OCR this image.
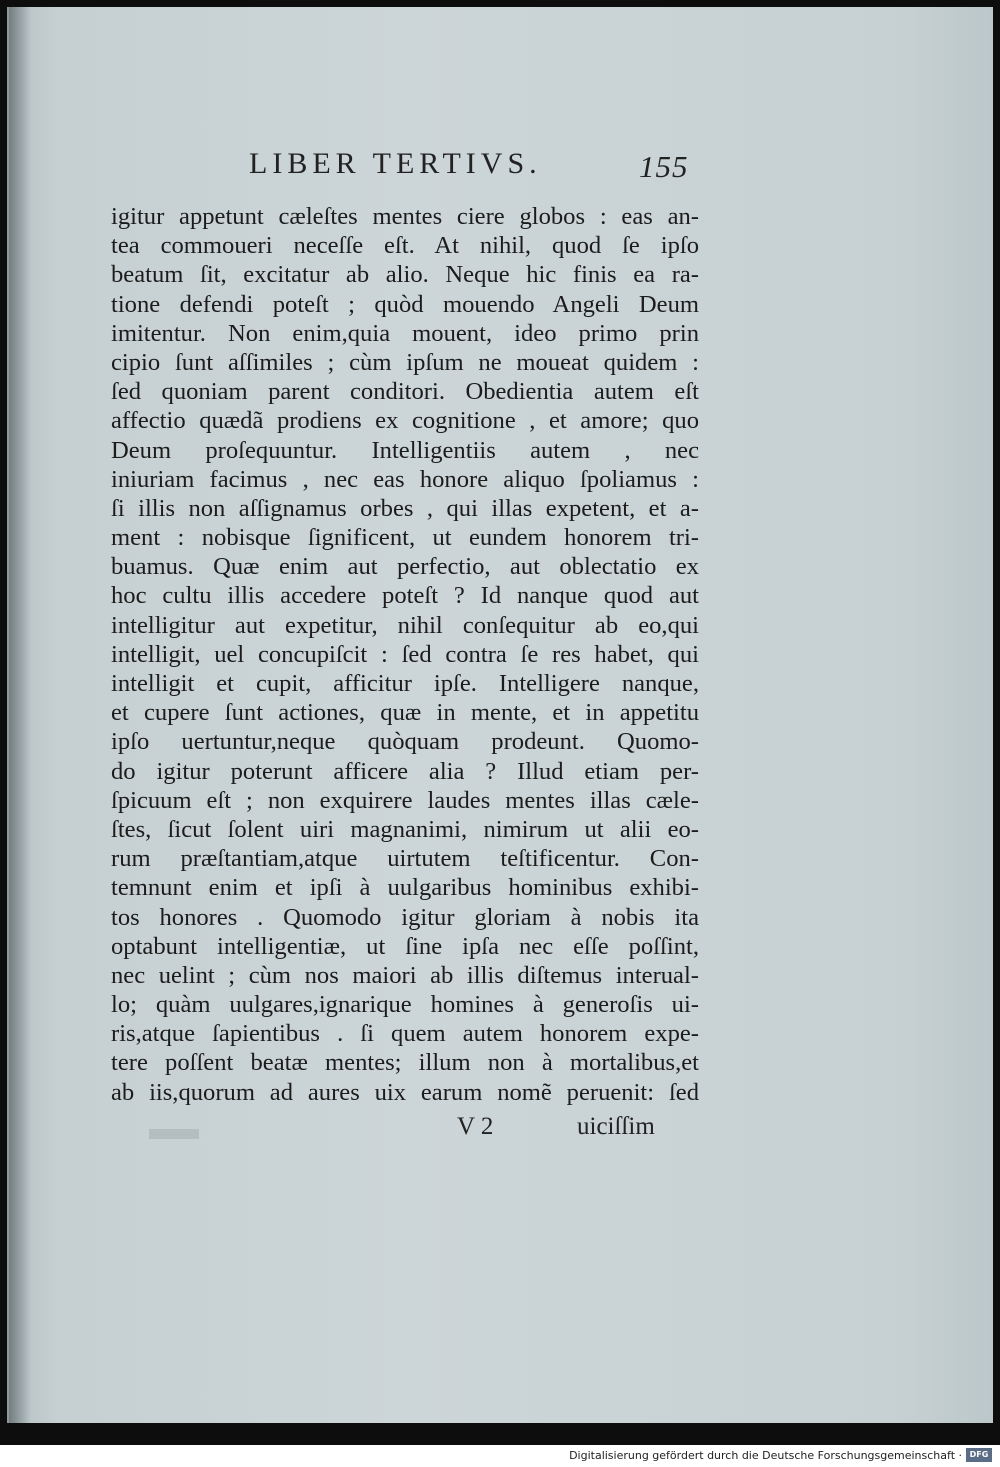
LIBER TERTIVS.	155
igitur appetunt cæleſtes mentes ciere globos : eas an-
tea commoueri neceſſe eſt. At nihil, quod ſe ipſo
beatum ſit, excitatur ab alio. Neque hic finis ea ra-
tione defendi poteſt ; quòd mouendo Angeli Deum
imitentur. Non enim,quia mouent, ideo primo prin
cipio ſunt aſſimiles ; cùm ipſum ne moueat quidem :
ſed quoniam parent conditori. Obedientia autem eſt
affectio quædã prodiens ex cognitione , et amore; quo
Deum proſequuntur. Intelligentiis autem , nec
iniuriam facimus , nec eas honore aliquo ſpoliamus :
ſi illis non aſſignamus orbes , qui illas expetent, et a-
ment : nobisque ſignificent, ut eundem honorem tri-
buamus. Quæ enim aut perfectio, aut oblectatio ex
hoc cultu illis accedere poteſt ? Id nanque quod aut
intelligitur aut expetitur, nihil conſequitur ab eo,qui
intelligit, uel concupiſcit : ſed contra ſe res habet, qui
intelligit et cupit, afficitur ipſe. Intelligere nanque,
et cupere ſunt actiones, quæ in mente, et in appetitu
ipſo uertuntur,neque quòquam prodeunt. Quomo-
do igitur poterunt afficere alia ? Illud etiam per-
ſpicuum eſt ; non exquirere laudes mentes illas cæle-
ſtes, ſicut ſolent uiri magnanimi, nimirum ut alii eo-
rum præſtantiam,atque uirtutem teſtificentur. Con-
temnunt enim et ipſi à uulgaribus hominibus exhibi-
tos honores . Quomodo igitur gloriam à nobis ita
optabunt intelligentiæ, ut ſine ipſa nec eſſe poſſint,
nec uelint ; cùm nos maiori ab illis diſtemus interual-
lo; quàm uulgares,ignarique homines à generoſis ui-
ris,atque ſapientibus . ſi quem autem honorem expe-
tere poſſent beatæ mentes; illum non à mortalibus,et
ab iis,quorum ad aures uix earum nomẽ peruenit: ſed
V 2	uiciſſim
Digitalisierung gefördert durch die Deutsche Forschungsgemeinschaft · DFG
